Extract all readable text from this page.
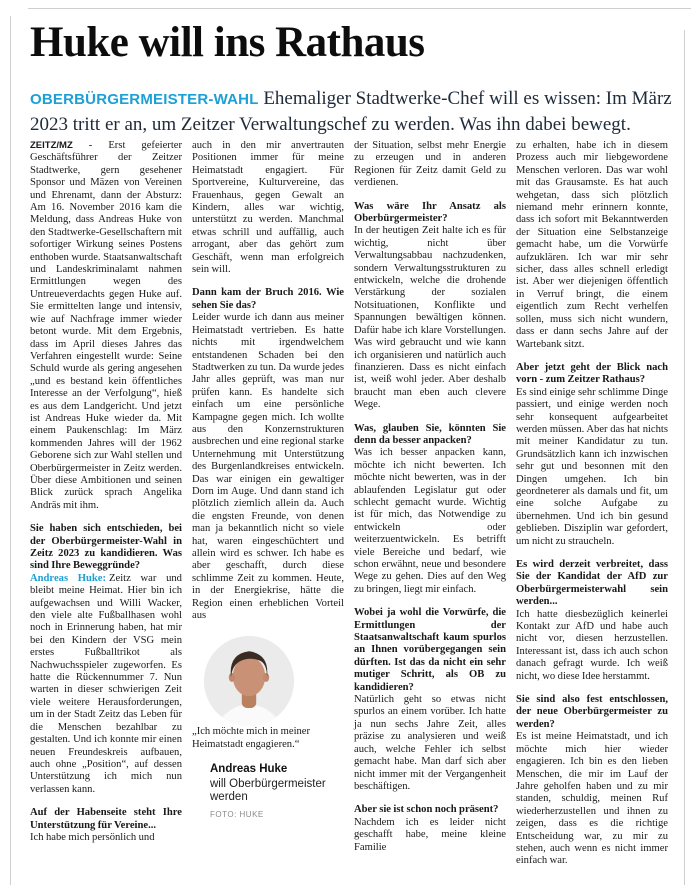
Huke will ins Rathaus

OBERBÜRGERMEISTER-WAHL Ehemaliger Stadtwerke-Chef will es wissen: Im März 2023 tritt er an, um Zeitzer Verwaltungschef zu werden. Was ihn dabei bewegt.

ZEITZ/MZ - Erst gefeierter Geschäftsführer der Zeitzer Stadtwerke, gern gesehener Sponsor und Mäzen von Vereinen und Ehrenamt, dann der Absturz: Am 16. November 2016 kam die Meldung, dass Andreas Huke von den Stadtwerke-Gesellschaftern mit sofortiger Wirkung seines Postens enthoben wurde. Staatsanwaltschaft und Landeskriminalamt nahmen Ermittlungen wegen des Untreueverdachts gegen Huke auf. Sie ermittelten lange und intensiv, wie auf Nachfrage immer wieder betont wurde. Mit dem Ergebnis, dass im April dieses Jahres das Verfahren eingestellt wurde: Seine Schuld wurde als gering angesehen „und es bestand kein öffentliches Interesse an der Verfolgung“, hieß es aus dem Landgericht. Und jetzt ist Andreas Huke wieder da. Mit einem Paukenschlag: Im März kommenden Jahres will der 1962 Geborene sich zur Wahl stellen und Oberbürgermeister in Zeitz werden. Über diese Ambitionen und seinen Blick zurück sprach Angelika Andräs mit ihm.

Sie haben sich entschieden, bei der Oberbürgermeister-Wahl in Zeitz 2023 zu kandidieren. Was sind Ihre Beweggründe?

Andreas Huke: Zeitz war und bleibt meine Heimat. Hier bin ich aufgewachsen und Willi Wacker, den viele alte Fußballhasen wohl noch in Erinnerung haben, hat mir bei den Kindern der VSG mein erstes Fußballtrikot als Nachwuchsspieler zugeworfen. Es hatte die Rückennummer 7. Nun warten in dieser schwierigen Zeit viele weitere Herausforderungen, um in der Stadt Zeitz das Leben für die Menschen bezahlbar zu gestalten. Und ich konnte mir einen neuen Freundeskreis aufbauen, auch ohne „Position“, auf dessen Unterstützung ich mich nun verlassen kann.

Auf der Habenseite steht Ihre Unterstützung für Vereine...

Ich habe mich persönlich und

auch in den mir anvertrauten Positionen immer für meine Heimatstadt engagiert. Für Sportvereine, Kulturvereine, das Frauenhaus, gegen Gewalt an Kindern, alles war wichtig, unterstützt zu werden. Manchmal etwas schrill und auffällig, auch arrogant, aber das gehört zum Geschäft, wenn man erfolgreich sein will.

Dann kam der Bruch 2016. Wie sehen Sie das?

Leider wurde ich dann aus meiner Heimatstadt vertrieben. Es hatte nichts mit irgendwelchem entstandenen Schaden bei den Stadtwerken zu tun. Da wurde jedes Jahr alles geprüft, was man nur prüfen kann. Es handelte sich einfach um eine persönliche Kampagne gegen mich. Ich wollte aus den Konzernstrukturen ausbrechen und eine regional starke Unternehmung mit Unterstützung des Burgenlandkreises entwickeln. Das war einigen ein gewaltiger Dorn im Auge. Und dann stand ich plötzlich ziemlich allein da. Auch die engsten Freunde, von denen man ja bekanntlich nicht so viele hat, waren eingeschüchtert und allein wird es schwer. Ich habe es aber geschafft, durch diese schlimme Zeit zu kommen. Heute, in der Energiekrise, hätte die Region einen erheblichen Vorteil aus

„Ich möchte mich in meiner Heimatstadt engagieren.“

Andreas Huke
will Oberbürgermeister werden
FOTO: HUKE

der Situation, selbst mehr Energie zu erzeugen und in anderen Regionen für Zeitz damit Geld zu verdienen.

Was wäre Ihr Ansatz als Oberbürgermeister?

In der heutigen Zeit halte ich es für wichtig, nicht über Verwaltungsabbau nachzudenken, sondern Verwaltungsstrukturen zu entwickeln, welche die drohende Verstärkung der sozialen Notsituationen, Konflikte und Spannungen bewältigen können. Dafür habe ich klare Vorstellungen. Was wird gebraucht und wie kann ich organisieren und natürlich auch finanzieren. Dass es nicht einfach ist, weiß wohl jeder. Aber deshalb braucht man eben auch clevere Wege.

Was, glauben Sie, könnten Sie denn da besser anpacken?

Was ich besser anpacken kann, möchte ich nicht bewerten. Ich möchte nicht bewerten, was in der ablaufenden Legislatur gut oder schlecht gemacht wurde. Wichtig ist für mich, das Notwendige zu entwickeln oder weiterzuentwickeln. Es betrifft viele Bereiche und bedarf, wie schon erwähnt, neue und besondere Wege zu gehen. Dies auf den Weg zu bringen, liegt mir einfach.

Wobei ja wohl die Vorwürfe, die Ermittlungen der Staatsanwaltschaft kaum spurlos an Ihnen vorübergegangen sein dürften. Ist das da nicht ein sehr mutiger Schritt, als OB zu kandidieren?

Natürlich geht so etwas nicht spurlos an einem vorüber. Ich hatte ja nun sechs Jahre Zeit, alles präzise zu analysieren und weiß auch, welche Fehler ich selbst gemacht habe. Man darf sich aber nicht immer mit der Vergangenheit beschäftigen.

Aber sie ist schon noch präsent?

Nachdem ich es leider nicht geschafft habe, meine kleine Familie

zu erhalten, habe ich in diesem Prozess auch mir liebgewordene Menschen verloren. Das war wohl mit das Grausamste. Es hat auch wehgetan, dass sich plötzlich niemand mehr erinnern konnte, dass ich sofort mit Bekanntwerden der Situation eine Selbstanzeige gemacht habe, um die Vorwürfe aufzuklären. Ich war mir sehr sicher, dass alles schnell erledigt ist. Aber wer diejenigen öffentlich in Verruf bringt, die einem eigentlich zum Recht verhelfen sollen, muss sich nicht wundern, dass er dann sechs Jahre auf der Wartebank sitzt.

Aber jetzt geht der Blick nach vorn - zum Zeitzer Rathaus?

Es sind einige sehr schlimme Dinge passiert, und einige werden noch sehr konsequent aufgearbeitet werden müssen. Aber das hat nichts mit meiner Kandidatur zu tun. Grundsätzlich kann ich inzwischen sehr gut und besonnen mit den Dingen umgehen. Ich bin geordneterer als damals und fit, um eine solche Aufgabe zu übernehmen. Und ich bin gesund geblieben. Disziplin war gefordert, um nicht zu straucheln.

Es wird derzeit verbreitet, dass Sie der Kandidat der AfD zur Oberbürgermeisterwahl sein werden...

Ich hatte diesbezüglich keinerlei Kontakt zur AfD und habe auch nicht vor, diesen herzustellen. Interessant ist, dass ich auch schon danach gefragt wurde. Ich weiß nicht, wo diese Idee herstammt.

Sie sind also fest entschlossen, der neue Oberbürgermeister zu werden?

Es ist meine Heimatstadt, und ich möchte mich hier wieder engagieren. Ich bin es den lieben Menschen, die mir im Lauf der Jahre geholfen haben und zu mir standen, schuldig, meinen Ruf wiederherzustellen und ihnen zu zeigen, dass es die richtige Entscheidung war, zu mir zu stehen, auch wenn es nicht immer einfach war.
